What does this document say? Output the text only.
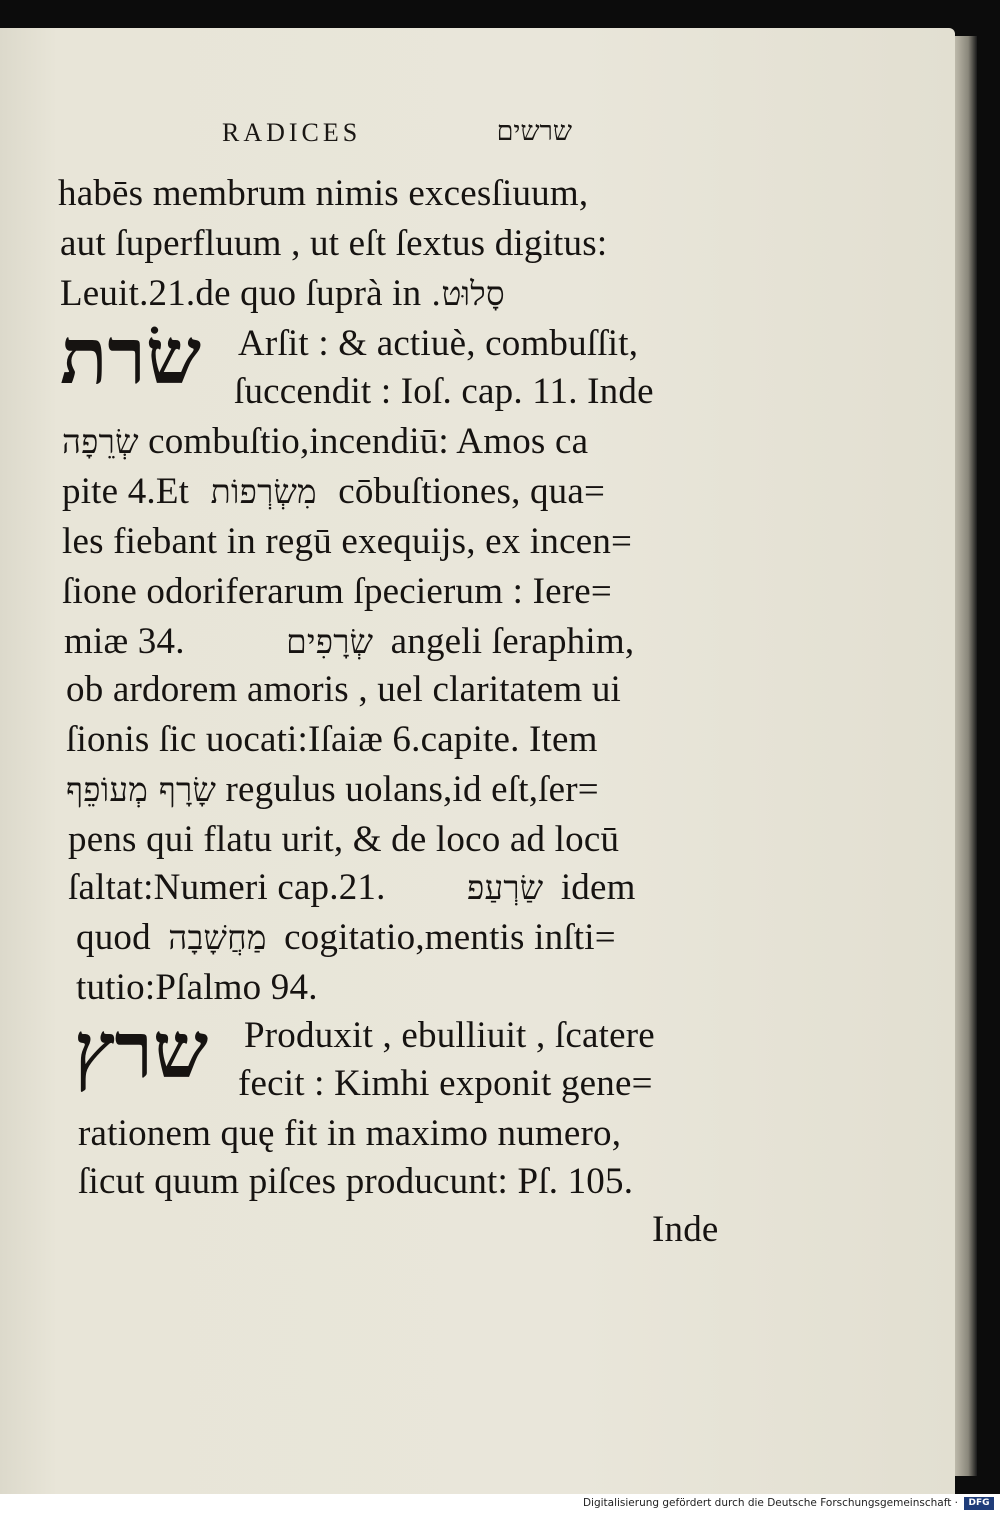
RADICES	שרשים
habēs membrum nimis excesſiuum,
aut ſuperfluum , ut eſt ſextus digitus:
Leuit.21.de quo ſuprà in סָלוּט.
שׂרת Arſit : & actiuè, combuſſit,
ſuccendit : Ioſ. cap. 11. Inde
שְׂרֵפָה combuſtio,incendiū: Amos ca
pite 4.Et מִשְׂרְפוֹת cōbuſtiones, qua=
les fiebant in regū exequijs, ex incen=
ſione odoriferarum ſpecierum : Iere=
miæ 34.	שְׂרָפִים angeli ſeraphim,
ob ardorem amoris , uel claritatem ui
ſionis ſic uocati:Iſaiæ 6.capite. Item
שָׂרָף מְעוֹפֵף regulus uolans,id eſt,ſer=
pens qui flatu urit, & de loco ad locū
ſaltat:Numeri cap.21. שַׂרְעַפ idem
quod מַחֲשָׁבָה cogitatio,mentis inſti=
tutio:Pſalmo 94.
שרץ Produxit , ebulliuit , ſcatere
fecit : Kimhi exponit gene=
rationem quę fit in maximo numero,
ſicut quum piſces producunt: Pſ. 105.
Inde
Digitalisierung gefördert durch die Deutsche Forschungsgemeinschaft ·	DFG
